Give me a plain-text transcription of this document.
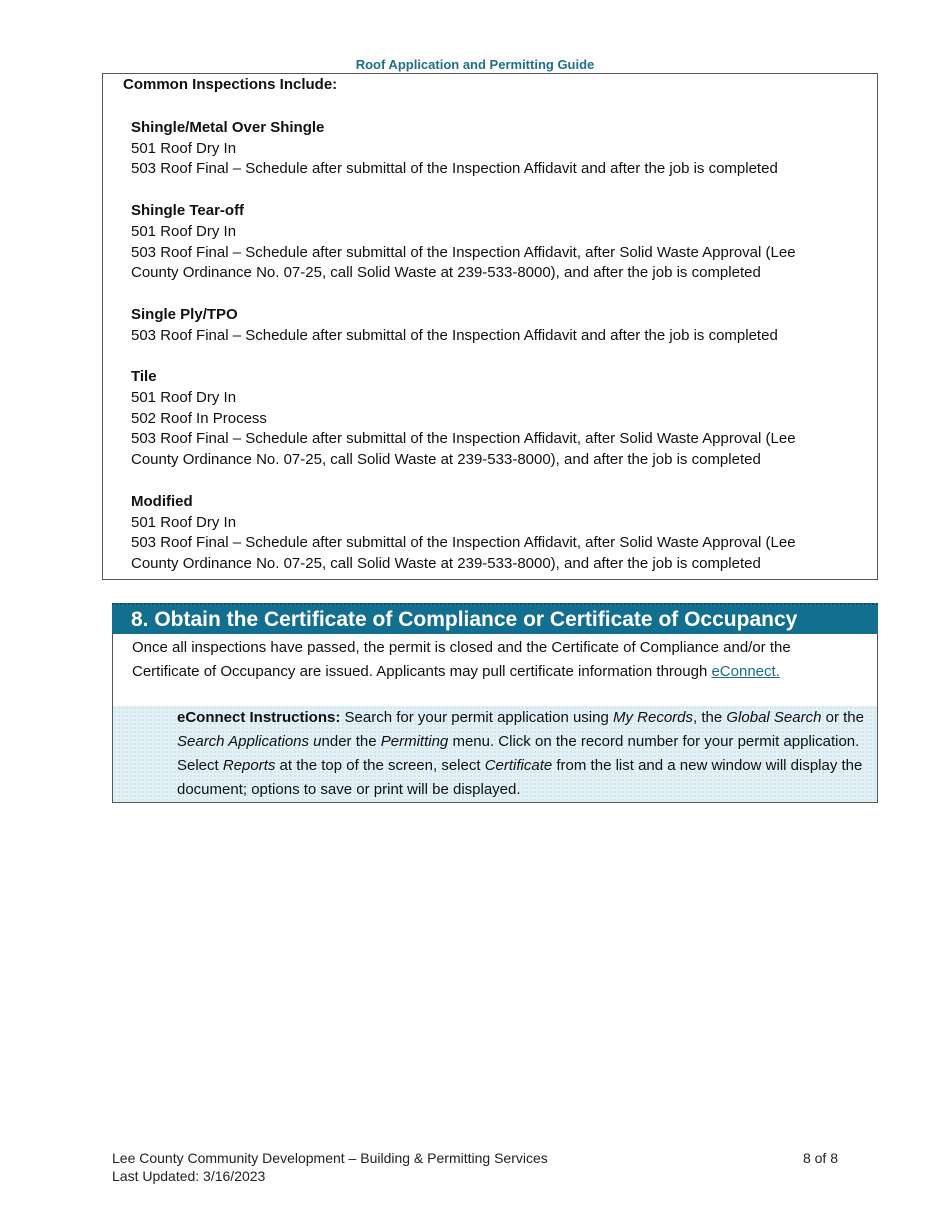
Roof Application and Permitting Guide
Common Inspections Include:
Shingle/Metal Over Shingle
501 Roof Dry In
503 Roof Final – Schedule after submittal of the Inspection Affidavit and after the job is completed
Shingle Tear-off
501 Roof Dry In
503 Roof Final – Schedule after submittal of the Inspection Affidavit, after Solid Waste Approval (Lee
County Ordinance No. 07-25, call Solid Waste at 239-533-8000), and after the job is completed
Single Ply/TPO
503 Roof Final – Schedule after submittal of the Inspection Affidavit and after the job is completed
Tile
501 Roof Dry In
502 Roof In Process
503 Roof Final – Schedule after submittal of the Inspection Affidavit, after Solid Waste Approval (Lee
County Ordinance No. 07-25, call Solid Waste at 239-533-8000), and after the job is completed
Modified
501 Roof Dry In
503 Roof Final – Schedule after submittal of the Inspection Affidavit, after Solid Waste Approval (Lee
County Ordinance No. 07-25, call Solid Waste at 239-533-8000), and after the job is completed
8. Obtain the Certificate of Compliance or Certificate of Occupancy
Once all inspections have passed, the permit is closed and the Certificate of Compliance and/or the
Certificate of Occupancy are issued. Applicants may pull certificate information through eConnect.
eConnect Instructions: Search for your permit application using My Records, the Global Search or the Search Applications under the Permitting menu. Click on the record number for your permit application. Select Reports at the top of the screen, select Certificate from the list and a new window will display the document; options to save or print will be displayed.
Lee County Community Development – Building & Permitting Services
Last Updated: 3/16/2023
8 of 8
